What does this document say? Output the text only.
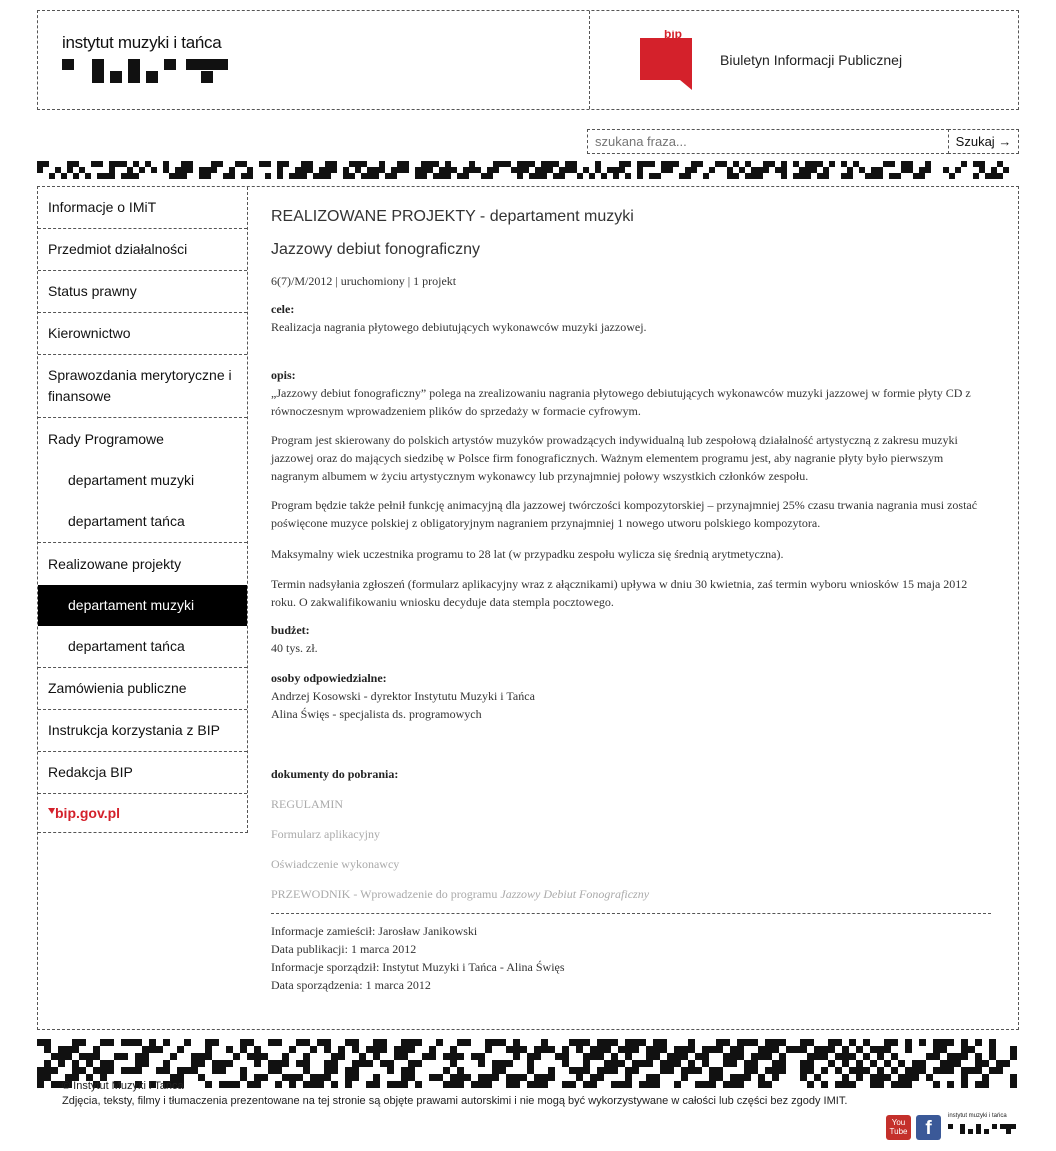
instytut muzyki i tańca	bip
Biuletyn Informacji Publicznej
szukana fraza...
Szukaj →
Informacje o IMiT
Przedmiot działalności
Status prawny
Kierownictwo
Sprawozdania merytoryczne i finansowe
Rady Programowe
departament muzyki
departament tańca
Realizowane projekty
departament muzyki
departament tańca
Zamówienia publiczne
Instrukcja korzystania z BIP
Redakcja BIP
bip.gov.pl
REALIZOWANE PROJEKTY - departament muzyki
Jazzowy debiut fonograficzny
6(7)/M/2012 | uruchomiony | 1 projekt
cele:
Realizacja nagrania płytowego debiutujących wykonawców muzyki jazzowej.
opis:
„Jazzowy debiut fonograficzny” polega na zrealizowaniu nagrania płytowego debiutujących wykonawców muzyki jazzowej w formie płyty CD z równoczesnym wprowadzeniem plików do sprzedaży w formacie cyfrowym.
Program jest skierowany do polskich artystów muzyków prowadzących indywidualną lub zespołową działalność artystyczną z zakresu muzyki jazzowej oraz do mających siedzibę w Polsce firm fonograficznych. Ważnym elementem programu jest, aby nagranie płyty było pierwszym nagranym albumem w życiu artystycznym wykonawcy lub przynajmniej połowy wszystkich członków zespołu.
Program będzie także pełnił funkcję animacyjną dla jazzowej twórczości kompozytorskiej – przynajmniej 25% czasu trwania nagrania musi zostać poświęcone muzyce polskiej z obligatoryjnym nagraniem przynajmniej 1 nowego utworu polskiego kompozytora.
Maksymalny wiek uczestnika programu to 28 lat (w przypadku zespołu wylicza się średnią arytmetyczna).
Termin nadsyłania zgłoszeń (formularz aplikacyjny wraz z ałącznikami) upływa w dniu 30 kwietnia, zaś termin wyboru wniosków 15 maja 2012 roku. O zakwalifikowaniu wniosku decyduje data stempla pocztowego.
budżet:
40 tys. zł.
osoby odpowiedzialne:
Andrzej Kosowski - dyrektor Instytutu Muzyki i Tańca
Alina Święs - specjalista ds. programowych
dokumenty do pobrania:
REGULAMIN
Formularz aplikacyjny
Oświadczenie wykonawcy
PRZEWODNIK - Wprowadzenie do programu Jazzowy Debiut Fonograficzny
Informacje zamieścił: Jarosław Janikowski
Data publikacji: 1 marca 2012
Informacje sporządził: Instytut Muzyki i Tańca - Alina Święs
Data sporządzenia: 1 marca 2012
© Instytut Muzyki i Tańca
Zdjęcia, teksty, filmy i tłumaczenia prezentowane na tej stronie są objęte prawami autorskimi i nie mogą być wykorzystywane w całości lub części bez zgody IMIT.
You
Tube f
instytut muzyki i tańca
